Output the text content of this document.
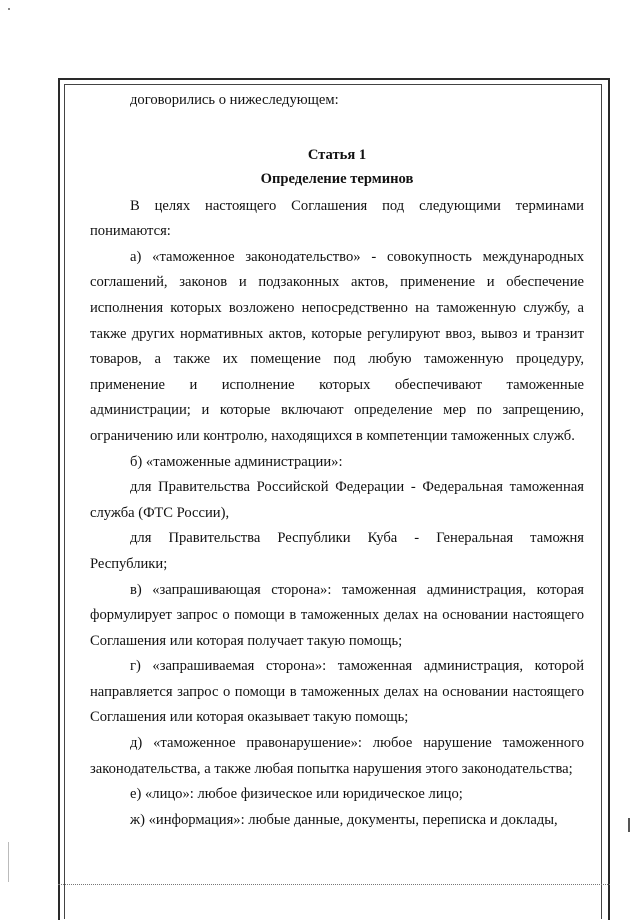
договорились о нижеследующем:

Статья 1

Определение терминов

В целях настоящего Соглашения под следующими терминами понимаются:

а) «таможенное законодательство» - совокупность международных соглашений, законов и подзаконных актов, применение и обеспечение исполнения которых возложено непосредственно на таможенную службу, а также других нормативных актов, которые регулируют ввоз, вывоз и транзит товаров, а также их помещение под любую таможенную процедуру, применение и исполнение которых обеспечивают таможенные администрации; и которые включают определение мер по запрещению, ограничению или контролю, находящихся в компетенции таможенных служб.

б) «таможенные администрации»:

для Правительства Российской Федерации - Федеральная таможенная служба (ФТС России),

для Правительства Республики Куба - Генеральная таможня Республики;

в) «запрашивающая сторона»: таможенная администрация, которая формулирует запрос о помощи в таможенных делах на основании настоящего Соглашения или которая получает такую помощь;

г) «запрашиваемая сторона»: таможенная администрация, которой направляется запрос о помощи в таможенных делах на основании настоящего Соглашения или которая оказывает такую помощь;

д) «таможенное правонарушение»: любое нарушение таможенного законодательства, а также любая попытка нарушения этого законодательства;

е) «лицо»: любое физическое или юридическое лицо;

ж) «информация»: любые данные, документы, переписка и доклады,
